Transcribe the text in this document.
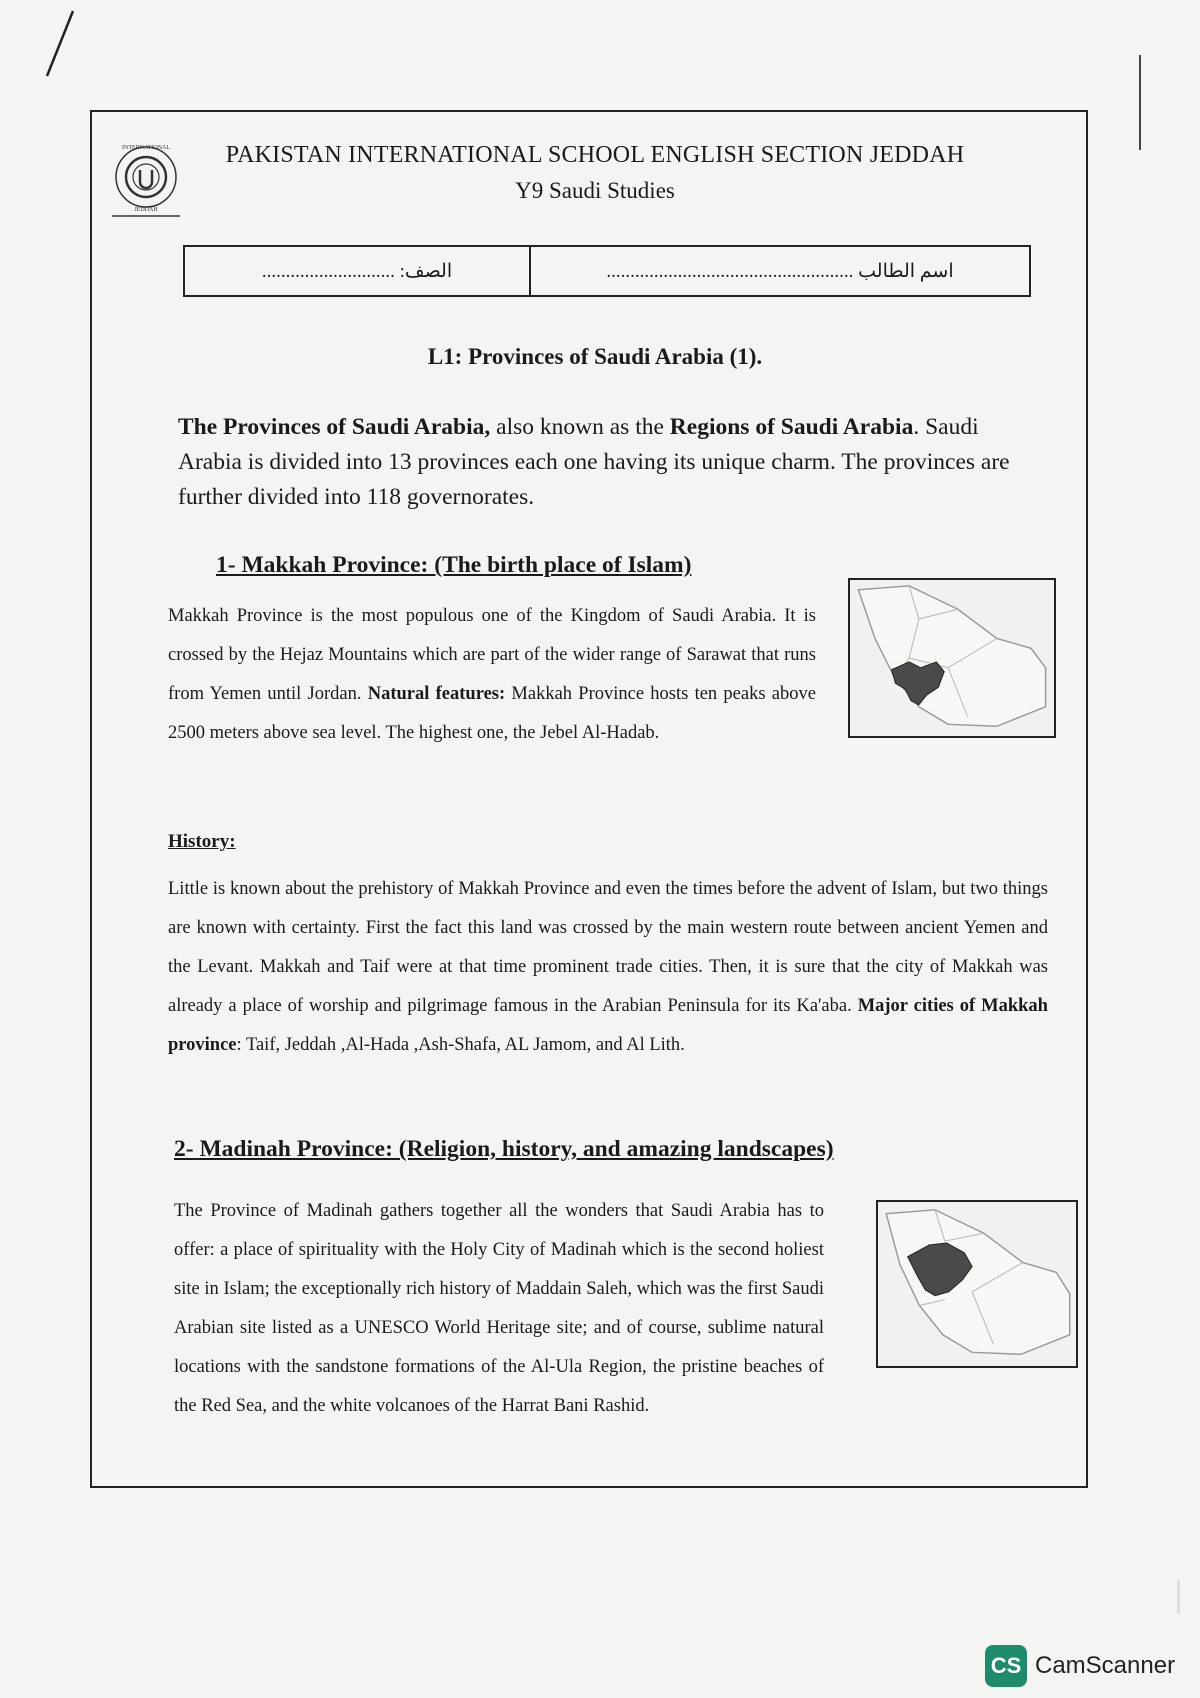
INTERNATIONAL
JEDDAH
PAKISTAN INTERNATIONAL SCHOOL ENGLISH SECTION JEDDAH
Y9 Saudi Studies
الصف: ............................	اسم الطالب ....................................................
L1: Provinces of Saudi Arabia (1).
The Provinces of Saudi Arabia, also known as the Regions of Saudi Arabia. Saudi Arabia is divided into 13 provinces each one having its unique charm. The provinces are further divided into 118 governorates.
1- Makkah Province: (The birth place of Islam)
Makkah Province is the most populous one of the Kingdom of Saudi Arabia. It is crossed by the Hejaz Mountains which are part of the wider range of Sarawat that runs from Yemen until Jordan. Natural features: Makkah Province hosts ten peaks above 2500 meters above sea level. The highest one, the Jebel Al-Hadab.
History:
Little is known about the prehistory of Makkah Province and even the times before the advent of Islam, but two things are known with certainty. First the fact this land was crossed by the main western route between ancient Yemen and the Levant. Makkah and Taif were at that time prominent trade cities. Then, it is sure that the city of Makkah was already a place of worship and pilgrimage famous in the Arabian Peninsula for its Ka'aba. Major cities of Makkah province: Taif, Jeddah ,Al-Hada ,Ash-Shafa, AL Jamom, and Al Lith.
2- Madinah Province: (Religion, history, and amazing landscapes)
The Province of Madinah gathers together all the wonders that Saudi Arabia has to offer: a place of spirituality with the Holy City of Madinah which is the second holiest site in Islam; the exceptionally rich history of Maddain Saleh, which was the first Saudi Arabian site listed as a UNESCO World Heritage site; and of course, sublime natural locations with the sandstone formations of the Al-Ula Region, the pristine beaches of the Red Sea, and the white volcanoes of the Harrat Bani Rashid.
CS CamScanner
